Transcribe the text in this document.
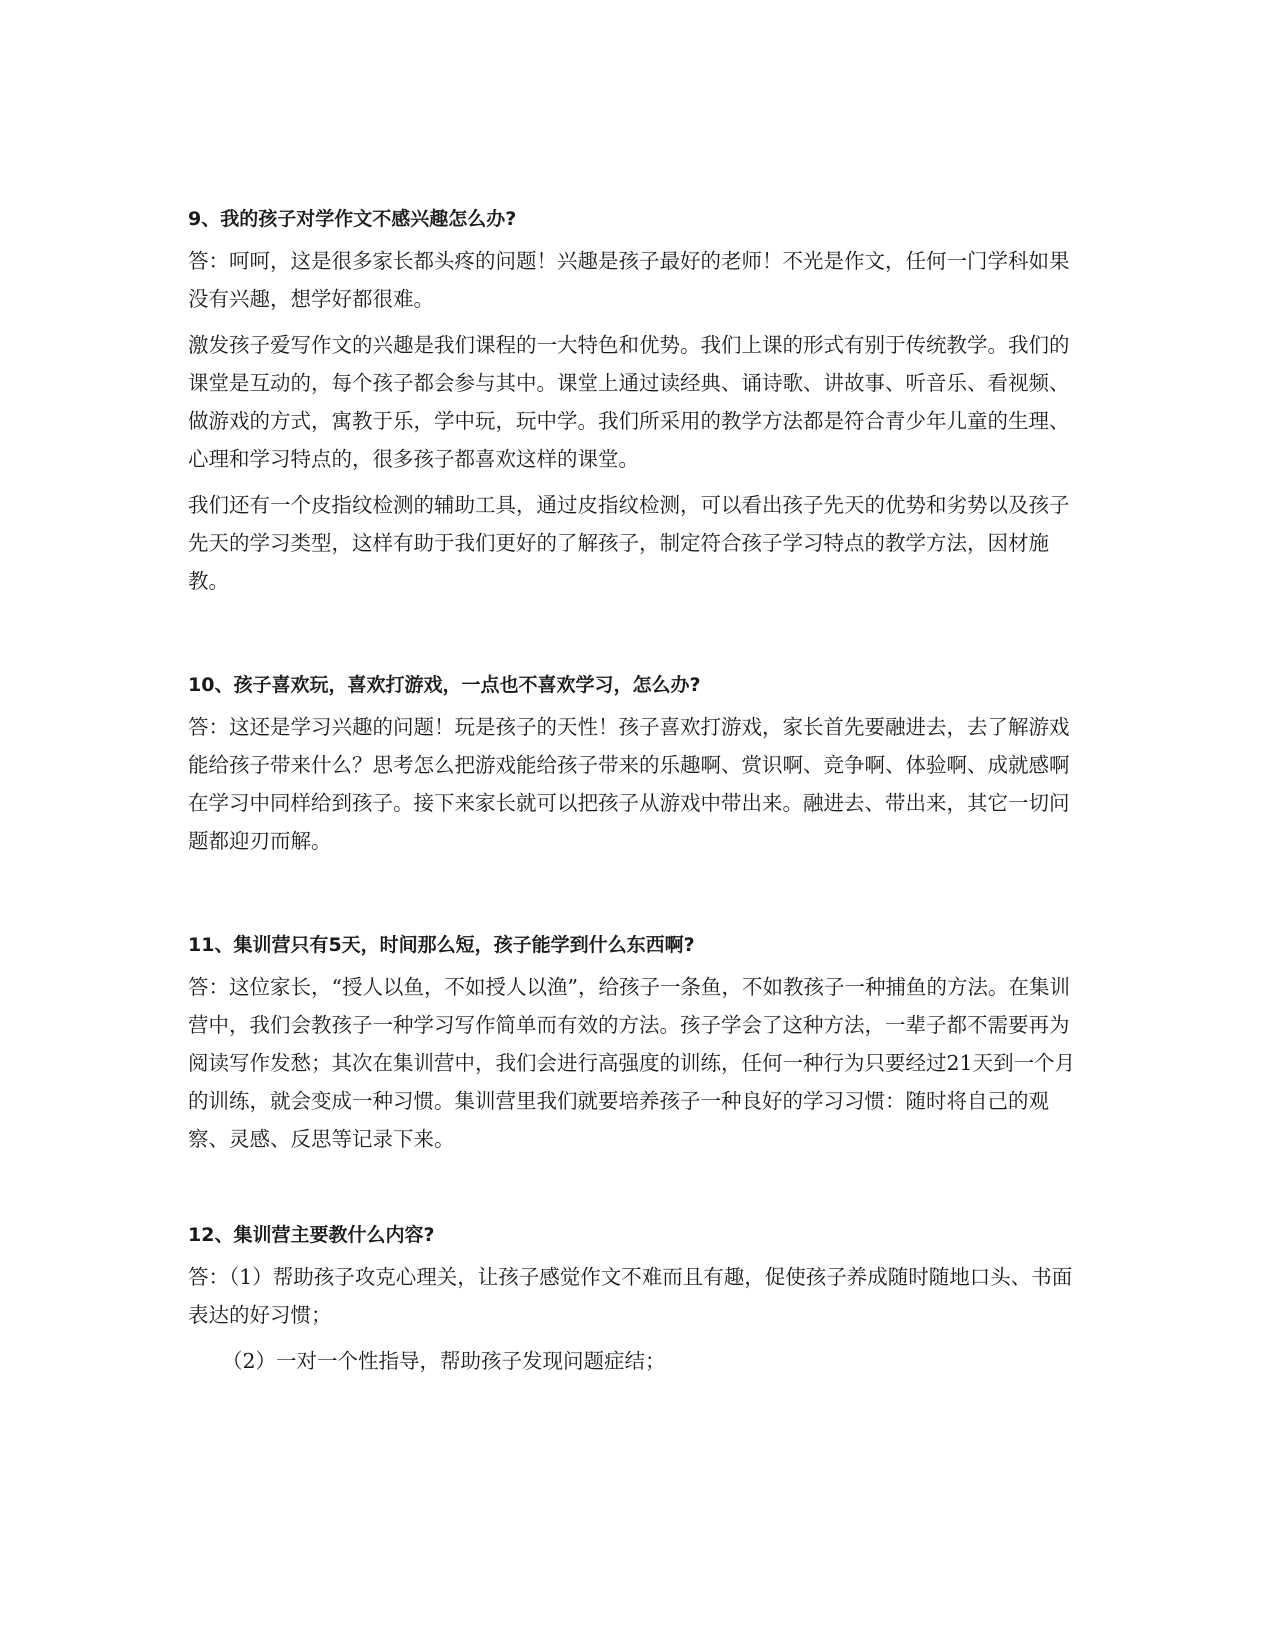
9、我的孩子对学作文不感兴趣怎么办?

答：呵呵，这是很多家长都头疼的问题！兴趣是孩子最好的老师！不光是作文，任何一门学科如果没有兴趣，想学好都很难。

激发孩子爱写作文的兴趣是我们课程的一大特色和优势。我们上课的形式有别于传统教学。我们的课堂是互动的，每个孩子都会参与其中。课堂上通过读经典、诵诗歌、讲故事、听音乐、看视频、做游戏的方式，寓教于乐，学中玩，玩中学。我们所采用的教学方法都是符合青少年儿童的生理、心理和学习特点的，很多孩子都喜欢这样的课堂。

我们还有一个皮指纹检测的辅助工具，通过皮指纹检测，可以看出孩子先天的优势和劣势以及孩子先天的学习类型，这样有助于我们更好的了解孩子，制定符合孩子学习特点的教学方法，因材施教。

10、孩子喜欢玩，喜欢打游戏，一点也不喜欢学习，怎么办?

答：这还是学习兴趣的问题！玩是孩子的天性！孩子喜欢打游戏，家长首先要融进去，去了解游戏能给孩子带来什么？思考怎么把游戏能给孩子带来的乐趣啊、赏识啊、竞争啊、体验啊、成就感啊在学习中同样给到孩子。接下来家长就可以把孩子从游戏中带出来。融进去、带出来，其它一切问题都迎刃而解。

11、集训营只有5天，时间那么短，孩子能学到什么东西啊?

答：这位家长，“授人以鱼，不如授人以渔”，给孩子一条鱼，不如教孩子一种捕鱼的方法。在集训营中，我们会教孩子一种学习写作简单而有效的方法。孩子学会了这种方法，一辈子都不需要再为阅读写作发愁；其次在集训营中，我们会进行高强度的训练，任何一种行为只要经过21天到一个月的训练，就会变成一种习惯。集训营里我们就要培养孩子一种良好的学习习惯：随时将自己的观察、灵感、反思等记录下来。

12、集训营主要教什么内容?

答：（1）帮助孩子攻克心理关，让孩子感觉作文不难而且有趣，促使孩子养成随时随地口头、书面表达的好习惯；

（2）一对一个性指导，帮助孩子发现问题症结；
